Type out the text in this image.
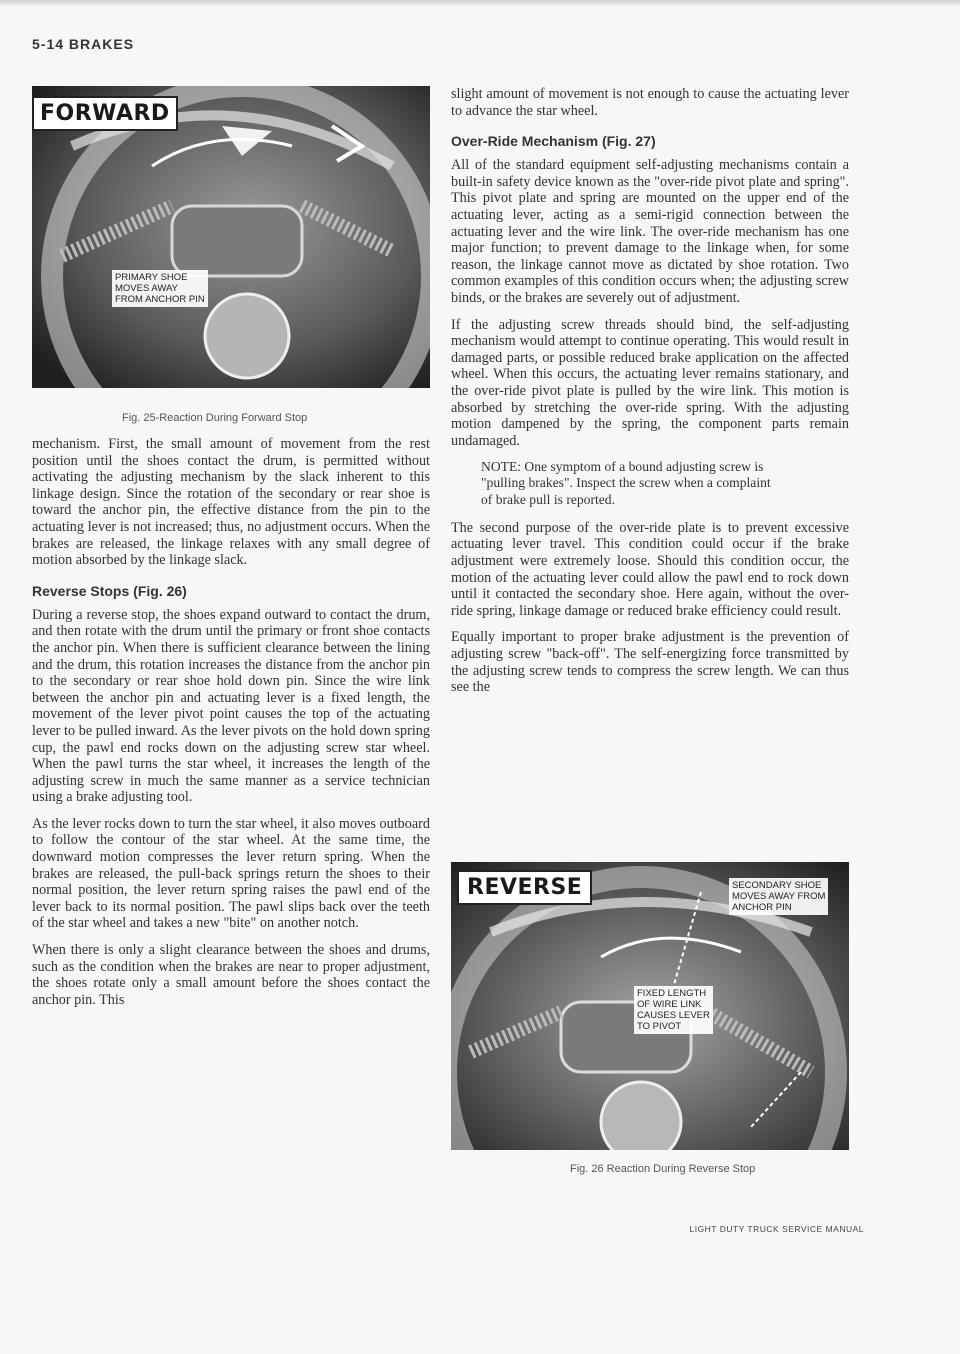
5-14 BRAKES
FORWARD
PRIMARY SHOE
MOVES AWAY
FROM ANCHOR PIN
Fig. 25-Reaction During Forward Stop

mechanism. First, the small amount of movement from the rest position until the shoes contact the drum, is permitted without activating the adjusting mechanism by the slack inherent to this linkage design. Since the rotation of the secondary or rear shoe is toward the anchor pin, the effective distance from the pin to the actuating lever is not increased; thus, no adjustment occurs. When the brakes are released, the linkage relaxes with any small degree of motion absorbed by the linkage slack.

Reverse Stops (Fig. 26)

During a reverse stop, the shoes expand outward to contact the drum, and then rotate with the drum until the primary or front shoe contacts the anchor pin. When there is sufficient clearance between the lining and the drum, this rotation increases the distance from the anchor pin to the secondary or rear shoe hold down pin. Since the wire link between the anchor pin and actuating lever is a fixed length, the movement of the lever pivot point causes the top of the actuating lever to be pulled inward. As the lever pivots on the hold down spring cup, the pawl end rocks down on the adjusting screw star wheel. When the pawl turns the star wheel, it increases the length of the adjusting screw in much the same manner as a service technician using a brake adjusting tool.

As the lever rocks down to turn the star wheel, it also moves outboard to follow the contour of the star wheel. At the same time, the downward motion compresses the lever return spring. When the brakes are released, the pull-back springs return the shoes to their normal position, the lever return spring raises the pawl end of the lever back to its normal position. The pawl slips back over the teeth of the star wheel and takes a new "bite" on another notch.

When there is only a slight clearance between the shoes and drums, such as the condition when the brakes are near to proper adjustment, the shoes rotate only a small amount before the shoes contact the anchor pin. This

slight amount of movement is not enough to cause the actuating lever to advance the star wheel.

Over-Ride Mechanism (Fig. 27)

All of the standard equipment self-adjusting mechanisms contain a built-in safety device known as the "over-ride pivot plate and spring". This pivot plate and spring are mounted on the upper end of the actuating lever, acting as a semi-rigid connection between the actuating lever and the wire link. The over-ride mechanism has one major function; to prevent damage to the linkage when, for some reason, the linkage cannot move as dictated by shoe rotation. Two common examples of this condition occurs when; the adjusting screw binds, or the brakes are severely out of adjustment.

If the adjusting screw threads should bind, the self-adjusting mechanism would attempt to continue operating. This would result in damaged parts, or possible reduced brake application on the affected wheel. When this occurs, the actuating lever remains stationary, and the over-ride pivot plate is pulled by the wire link. This motion is absorbed by stretching the over-ride spring. With the adjusting motion dampened by the spring, the component parts remain undamaged.

NOTE: One symptom of a bound adjusting screw is "pulling brakes". Inspect the screw when a complaint of brake pull is reported.

The second purpose of the over-ride plate is to prevent excessive actuating lever travel. This condition could occur if the brake adjustment were extremely loose. Should this condition occur, the motion of the actuating lever could allow the pawl end to rock down until it contacted the secondary shoe. Here again, without the over-ride spring, linkage damage or reduced brake efficiency could result.

Equally important to proper brake adjustment is the prevention of adjusting screw "back-off". The self-energizing force transmitted by the adjusting screw tends to compress the screw length. We can thus see the

REVERSE	SECONDARY SHOE
MOVES AWAY FROM
ANCHOR PIN
FIXED LENGTH
OF WIRE LINK
CAUSES LEVER
TO PIVOT
Fig. 26 Reaction During Reverse Stop
LIGHT DUTY TRUCK SERVICE MANUAL
